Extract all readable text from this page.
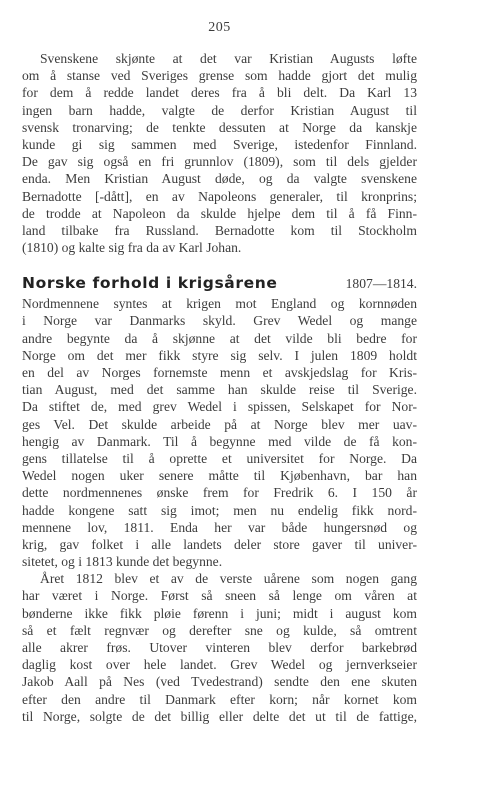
205
Svenskene skjønte at det var Kristian Augusts løfte
om å stanse ved Sveriges grense som hadde gjort det mulig
for dem å redde landet deres fra å bli delt. Da Karl 13
ingen barn hadde, valgte de derfor Kristian August til
svensk tronarving; de tenkte dessuten at Norge da kanskje
kunde gi sig sammen med Sverige, istedenfor Finnland.
De gav sig også en fri grunnlov (1809), som til dels gjelder
enda. Men Kristian August døde, og da valgte svenskene
Bernadotte [-dått], en av Napoleons generaler, til kronprins;
de trodde at Napoleon da skulde hjelpe dem til å få Finn-
land tilbake fra Russland. Bernadotte kom til Stockholm
(1810) og kalte sig fra da av Karl Johan.
Norske forhold i krigsårene	1807—1814.
Nordmennene syntes at krigen mot England og kornnøden
i Norge var Danmarks skyld. Grev Wedel og mange
andre begynte da å skjønne at det vilde bli bedre for
Norge om det mer fikk styre sig selv. I julen 1809 holdt
en del av Norges fornemste menn et avskjedslag for Kris-
tian August, med det samme han skulde reise til Sverige.
Da stiftet de, med grev Wedel i spissen, Selskapet for Nor-
ges Vel. Det skulde arbeide på at Norge blev mer uav-
hengig av Danmark. Til å begynne med vilde de få kon-
gens tillatelse til å oprette et universitet for Norge. Da
Wedel nogen uker senere måtte til Kjøbenhavn, bar han
dette nordmennenes ønske frem for Fredrik 6. I 150 år
hadde kongene satt sig imot; men nu endelig fikk nord-
mennene lov, 1811. Enda her var både hungersnød og
krig, gav folket i alle landets deler store gaver til univer-
sitetet, og i 1813 kunde det begynne.
Året 1812 blev et av de verste uårene som nogen gang
har været i Norge. Først så sneen så lenge om våren at
bønderne ikke fikk pløie førenn i juni; midt i august kom
så et fælt regnvær og derefter sne og kulde, så omtrent
alle akrer frøs. Utover vinteren blev derfor barkebrød
daglig kost over hele landet. Grev Wedel og jernverkseier
Jakob Aall på Nes (ved Tvedestrand) sendte den ene skuten
efter den andre til Danmark efter korn; når kornet kom
til Norge, solgte de det billig eller delte det ut til de fattige,
